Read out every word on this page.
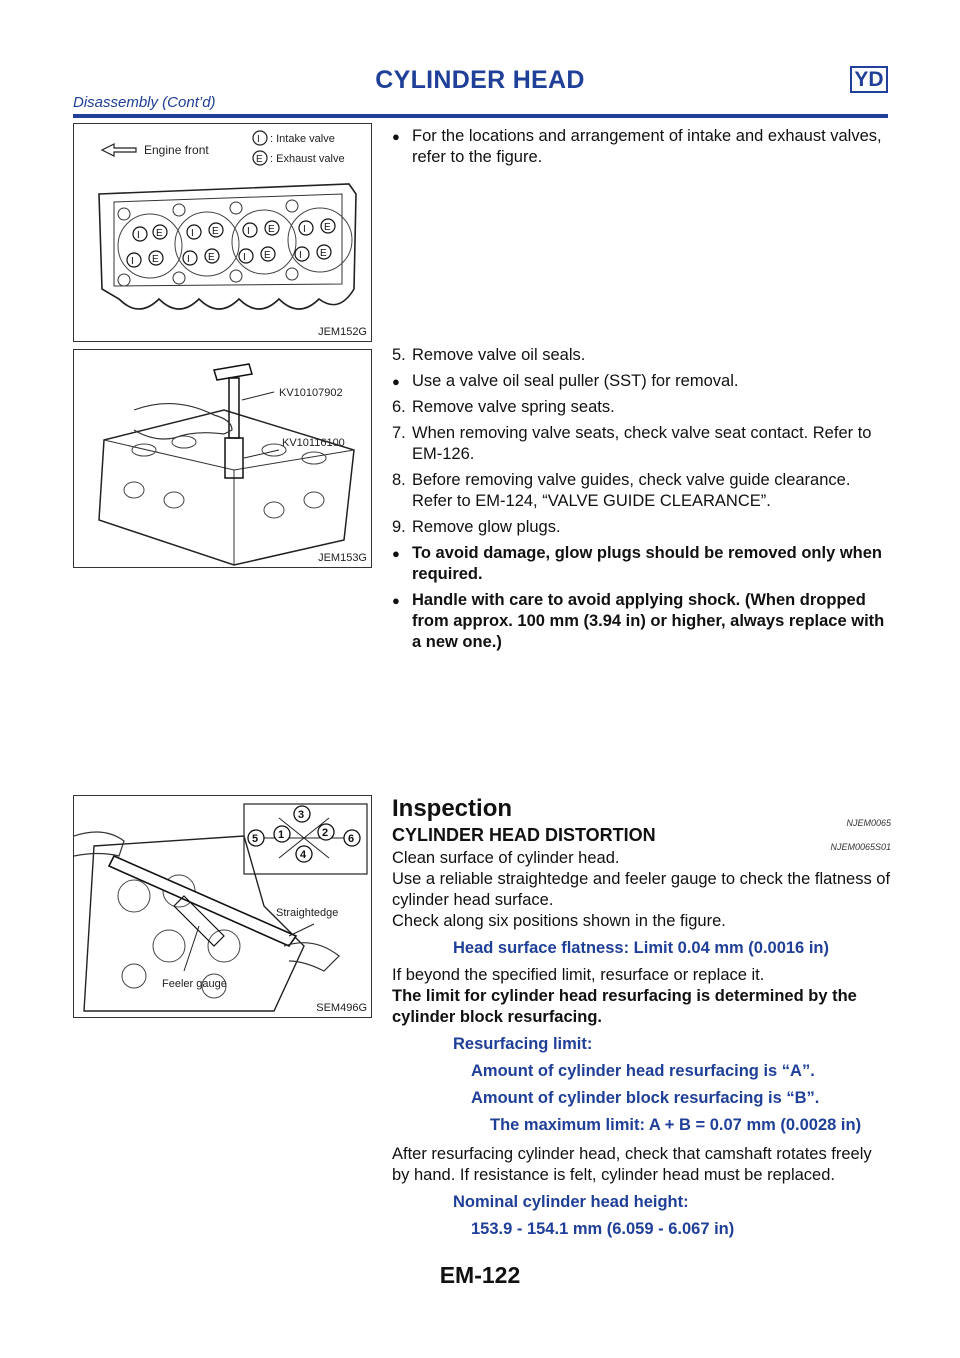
CYLINDER HEAD	YD
Disassembly (Cont’d)
Engine front
I : Intake valve
E : Exhaust valve
I E	I E	I E	I E
I E	I E	I E	I E
JEM152G
KV10107902
KV10116100
JEM153G
5 1
3
2
4
6
Straightedge
Feeler gauge
SEM496G
● For the locations and arrangement of intake and exhaust valves, refer to the figure.
5. Remove valve oil seals.
● Use a valve oil seal puller (SST) for removal.
6. Remove valve spring seats.
7. When removing valve seats, check valve seat contact. Refer to EM-126.
8. Before removing valve guides, check valve guide clearance. Refer to EM-124, “VALVE GUIDE CLEARANCE”.
9. Remove glow plugs.
● To avoid damage, glow plugs should be removed only when required.
● Handle with care to avoid applying shock. (When dropped from approx. 100 mm (3.94 in) or higher, always replace with a new one.)
Inspection
NJEM0065
CYLINDER HEAD DISTORTION
NJEM0065S01
Clean surface of cylinder head.
Use a reliable straightedge and feeler gauge to check the flatness of cylinder head surface.
Check along six positions shown in the figure.
Head surface flatness: Limit 0.04 mm (0.0016 in)
If beyond the specified limit, resurface or replace it.
The limit for cylinder head resurfacing is determined by the cylinder block resurfacing.
Resurfacing limit:
Amount of cylinder head resurfacing is “A”.
Amount of cylinder block resurfacing is “B”.
The maximum limit: A + B = 0.07 mm (0.0028 in)
After resurfacing cylinder head, check that camshaft rotates freely by hand. If resistance is felt, cylinder head must be replaced.
Nominal cylinder head height:
153.9 - 154.1 mm (6.059 - 6.067 in)
EM-122
